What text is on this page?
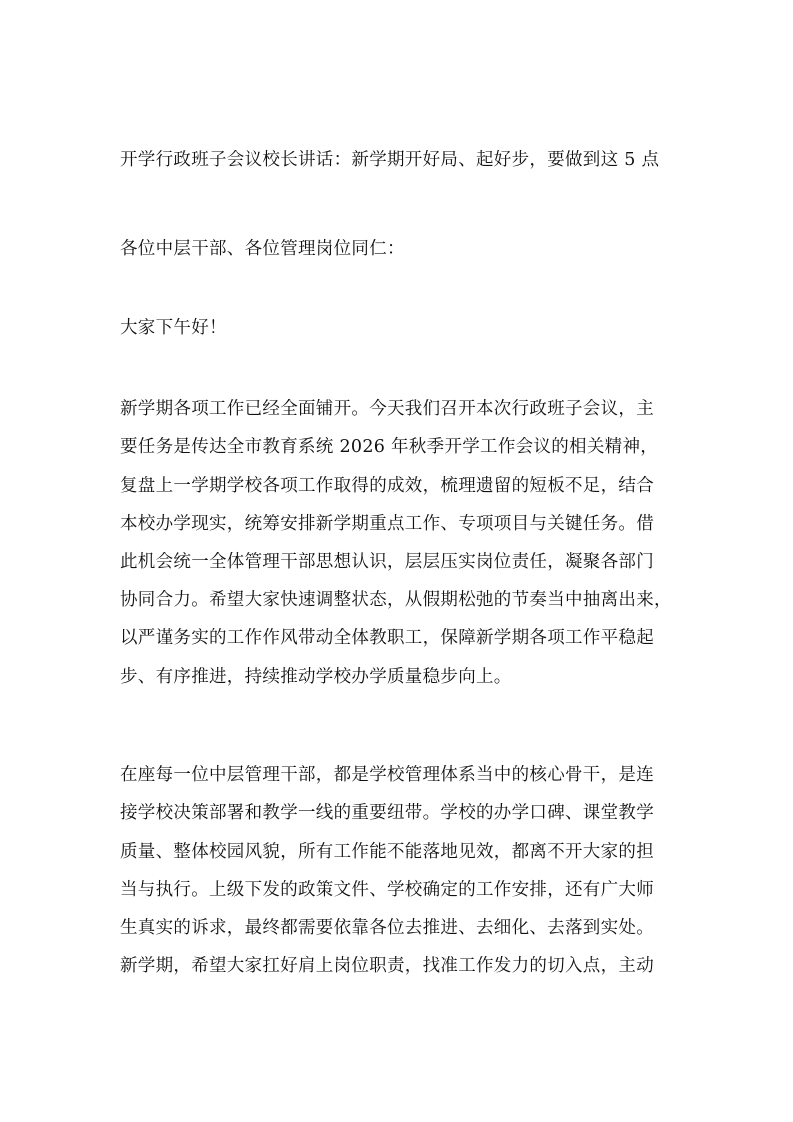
开学行政班子会议校长讲话：新学期开好局、起好步，要做到这 5 点
各位中层干部、各位管理岗位同仁：
大家下午好！
新学期各项工作已经全面铺开。今天我们召开本次行政班子会议，主
要任务是传达全市教育系统 2026 年秋季开学工作会议的相关精神，
复盘上一学期学校各项工作取得的成效，梳理遗留的短板不足，结合
本校办学现实，统筹安排新学期重点工作、专项项目与关键任务。借
此机会统一全体管理干部思想认识，层层压实岗位责任，凝聚各部门
协同合力。希望大家快速调整状态，从假期松弛的节奏当中抽离出来，
以严谨务实的工作作风带动全体教职工，保障新学期各项工作平稳起
步、有序推进，持续推动学校办学质量稳步向上。
在座每一位中层管理干部，都是学校管理体系当中的核心骨干，是连
接学校决策部署和教学一线的重要纽带。学校的办学口碑、课堂教学
质量、整体校园风貌，所有工作能不能落地见效，都离不开大家的担
当与执行。上级下发的政策文件、学校确定的工作安排，还有广大师
生真实的诉求，最终都需要依靠各位去推进、去细化、去落到实处。
新学期，希望大家扛好肩上岗位职责，找准工作发力的切入点，主动
